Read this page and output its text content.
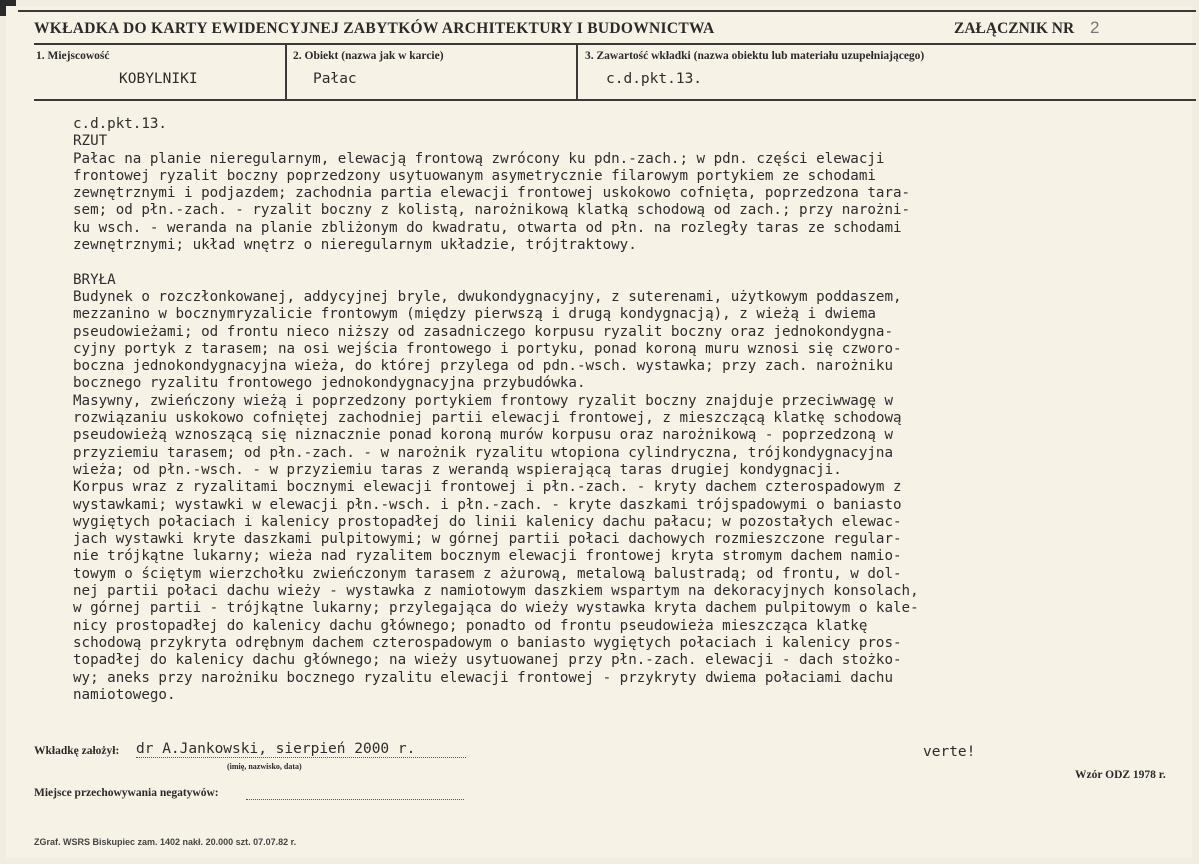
WKŁADKA DO KARTY EWIDENCYJNEJ ZABYTKÓW ARCHITEKTURY I BUDOWNICTWA	ZAŁĄCZNIK NR 2
1. Miejscowość
KOBYLNIKI
2. Obiekt (nazwa jak w karcie)
Pałac
3. Zawartość wkładki (nazwa obiektu lub materiału uzupełniającego)
c.d.pkt.13.
c.d.pkt.13.
RZUT
Pałac na planie nieregularnym, elewacją frontową zwrócony ku pdn.-zach.; w pdn. części elewacji
frontowej ryzalit boczny poprzedzony usytuowanym asymetrycznie filarowym portykiem ze schodami
zewnętrznymi i podjazdem; zachodnia partia elewacji frontowej uskokowo cofnięta, poprzedzona tara-
sem; od płn.-zach. - ryzalit boczny z kolistą, narożnikową klatką schodową od zach.; przy narożni-
ku wsch. - weranda na planie zbliżonym do kwadratu, otwarta od płn. na rozległy taras ze schodami
zewnętrznymi; układ wnętrz o nieregularnym układzie, trójtraktowy.

BRYŁA
Budynek o rozczłonkowanej, addycyjnej bryle, dwukondygnacyjny, z suterenami, użytkowym poddaszem,
mezzanino w bocznymryzalicie frontowym (między pierwszą i drugą kondygnacją), z wieżą i dwiema
pseudowieżami; od frontu nieco niższy od zasadniczego korpusu ryzalit boczny oraz jednokondygna-
cyjny portyk z tarasem; na osi wejścia frontowego i portyku, ponad koroną muru wznosi się czworo-
boczna jednokondygnacyjna wieża, do której przylega od pdn.-wsch. wystawka; przy zach. narożniku
bocznego ryzalitu frontowego jednokondygnacyjna przybudówka.
Masywny, zwieńczony wieżą i poprzedzony portykiem frontowy ryzalit boczny znajduje przeciwwagę w
rozwiązaniu uskokowo cofniętej zachodniej partii elewacji frontowej, z mieszczącą klatkę schodową
pseudowieżą wznoszącą się niznacznie ponad koroną murów korpusu oraz narożnikową - poprzedzoną w
przyziemiu tarasem; od płn.-zach. - w narożnik ryzalitu wtopiona cylindryczna, trójkondygnacyjna
wieża; od płn.-wsch. - w przyziemiu taras z werandą wspierającą taras drugiej kondygnacji.
Korpus wraz z ryzalitami bocznymi elewacji frontowej i płn.-zach. - kryty dachem czterospadowym z
wystawkami; wystawki w elewacji płn.-wsch. i płn.-zach. - kryte daszkami trójspadowymi o baniasto
wygiętych połaciach i kalenicy prostopadłej do linii kalenicy dachu pałacu; w pozostałych elewac-
jach wystawki kryte daszkami pulpitowymi; w górnej partii połaci dachowych rozmieszczone regular-
nie trójkątne lukarny; wieża nad ryzalitem bocznym elewacji frontowej kryta stromym dachem namio-
towym o ściętym wierzchołku zwieńczonym tarasem z ażurową, metalową balustradą; od frontu, w dol-
nej partii połaci dachu wieży - wystawka z namiotowym daszkiem wspartym na dekoracyjnych konsolach,
w górnej partii - trójkątne lukarny; przylegająca do wieży wystawka kryta dachem pulpitowym o kale-
nicy prostopadłej do kalenicy dachu głównego; ponadto od frontu pseudowieża mieszcząca klatkę
schodową przykryta odrębnym dachem czterospadowym o baniasto wygiętych połaciach i kalenicy pros-
topadłej do kalenicy dachu głównego; na wieży usytuowanej przy płn.-zach. elewacji - dach stożko-
wy; aneks przy narożniku bocznego ryzalitu elewacji frontowej - przykryty dwiema połaciami dachu
namiotowego.
Wkładkę założył: dr A.Jankowski, sierpień 2000 r.
(imię, nazwisko, data)
verte!
Wzór ODZ 1978 r.
Miejsce przechowywania negatywów:
ZGraf. WSRS Biskupiec zam. 1402 nakł. 20.000 szt. 07.07.82 r.
